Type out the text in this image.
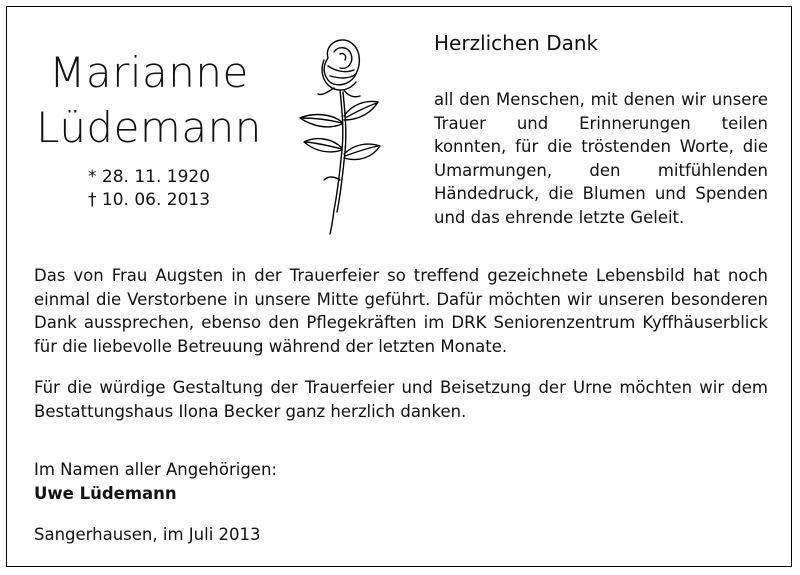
Marianne
Lüdemann
* 28. 11. 1920
† 10. 06. 2013
Herzlichen Dank
all den Menschen, mit denen wir unsere Trauer und Erinnerungen teilen konnten, für die tröstenden Worte, die Umarmungen, den mitfühlenden Händedruck, die Blumen und Spenden und das ehrende letzte Geleit.
Das von Frau Augsten in der Trauerfeier so treffend gezeichnete Lebensbild hat noch einmal die Verstorbene in unsere Mitte geführt. Dafür möchten wir unseren besonderen Dank aussprechen, ebenso den Pflegekräften im DRK Seniorenzentrum Kyffhäuserblick für die liebevolle Betreuung während der letzten Monate.
Für die würdige Gestaltung der Trauerfeier und Beisetzung der Urne möchten wir dem Bestattungshaus Ilona Becker ganz herzlich danken.
Im Namen aller Angehörigen:
Uwe Lüdemann
Sangerhausen, im Juli 2013
